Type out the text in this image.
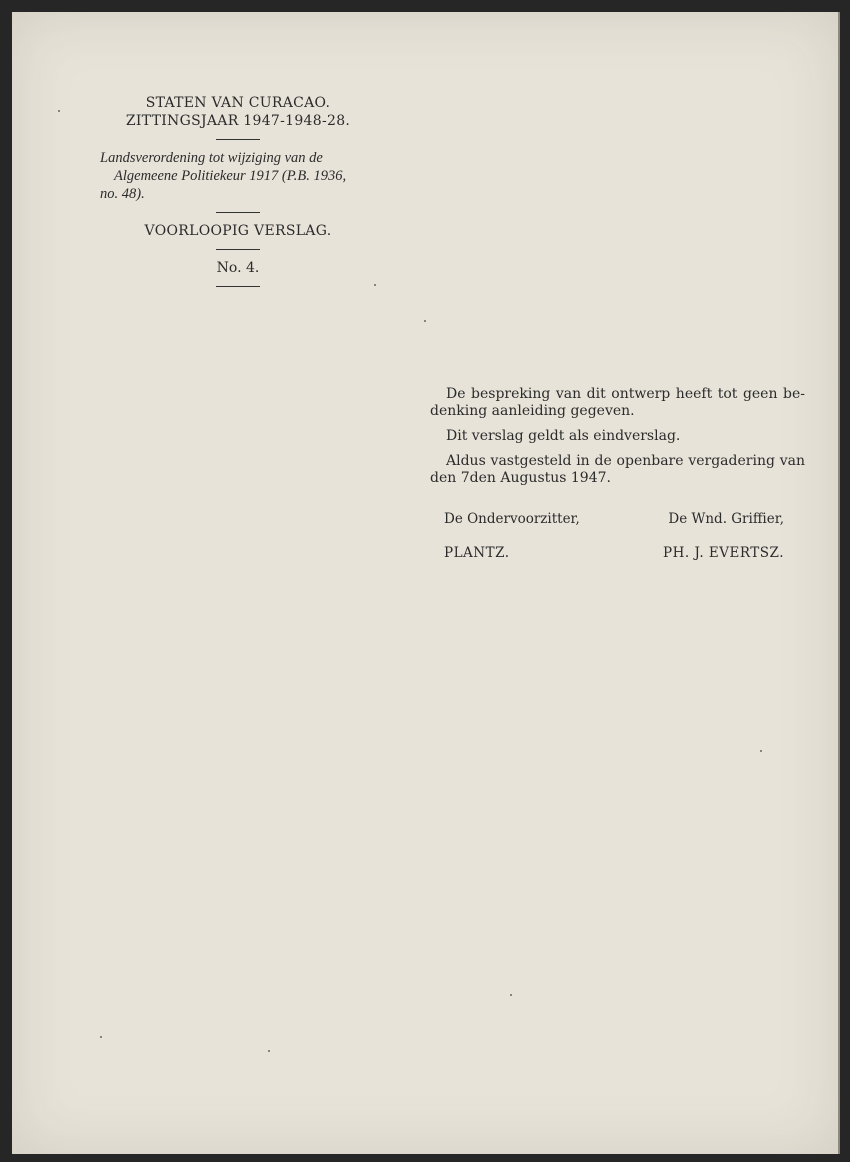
STATEN VAN CURACAO.
ZITTINGSJAAR 1947-1948-28.
Landsverordening tot wijziging van de
Algemeene Politiekeur 1917 (P.B. 1936,
no. 48).
VOORLOOPIG VERSLAG.
No. 4.
De bespreking van dit ontwerp heeft tot geen be-
denking aanleiding gegeven.
Dit verslag geldt als eindverslag.
Aldus vastgesteld in de openbare vergadering van
den 7den Augustus 1947.
De Ondervoorzitter,	De Wnd. Griffier,
PLANTZ.	PH. J. EVERTSZ.
